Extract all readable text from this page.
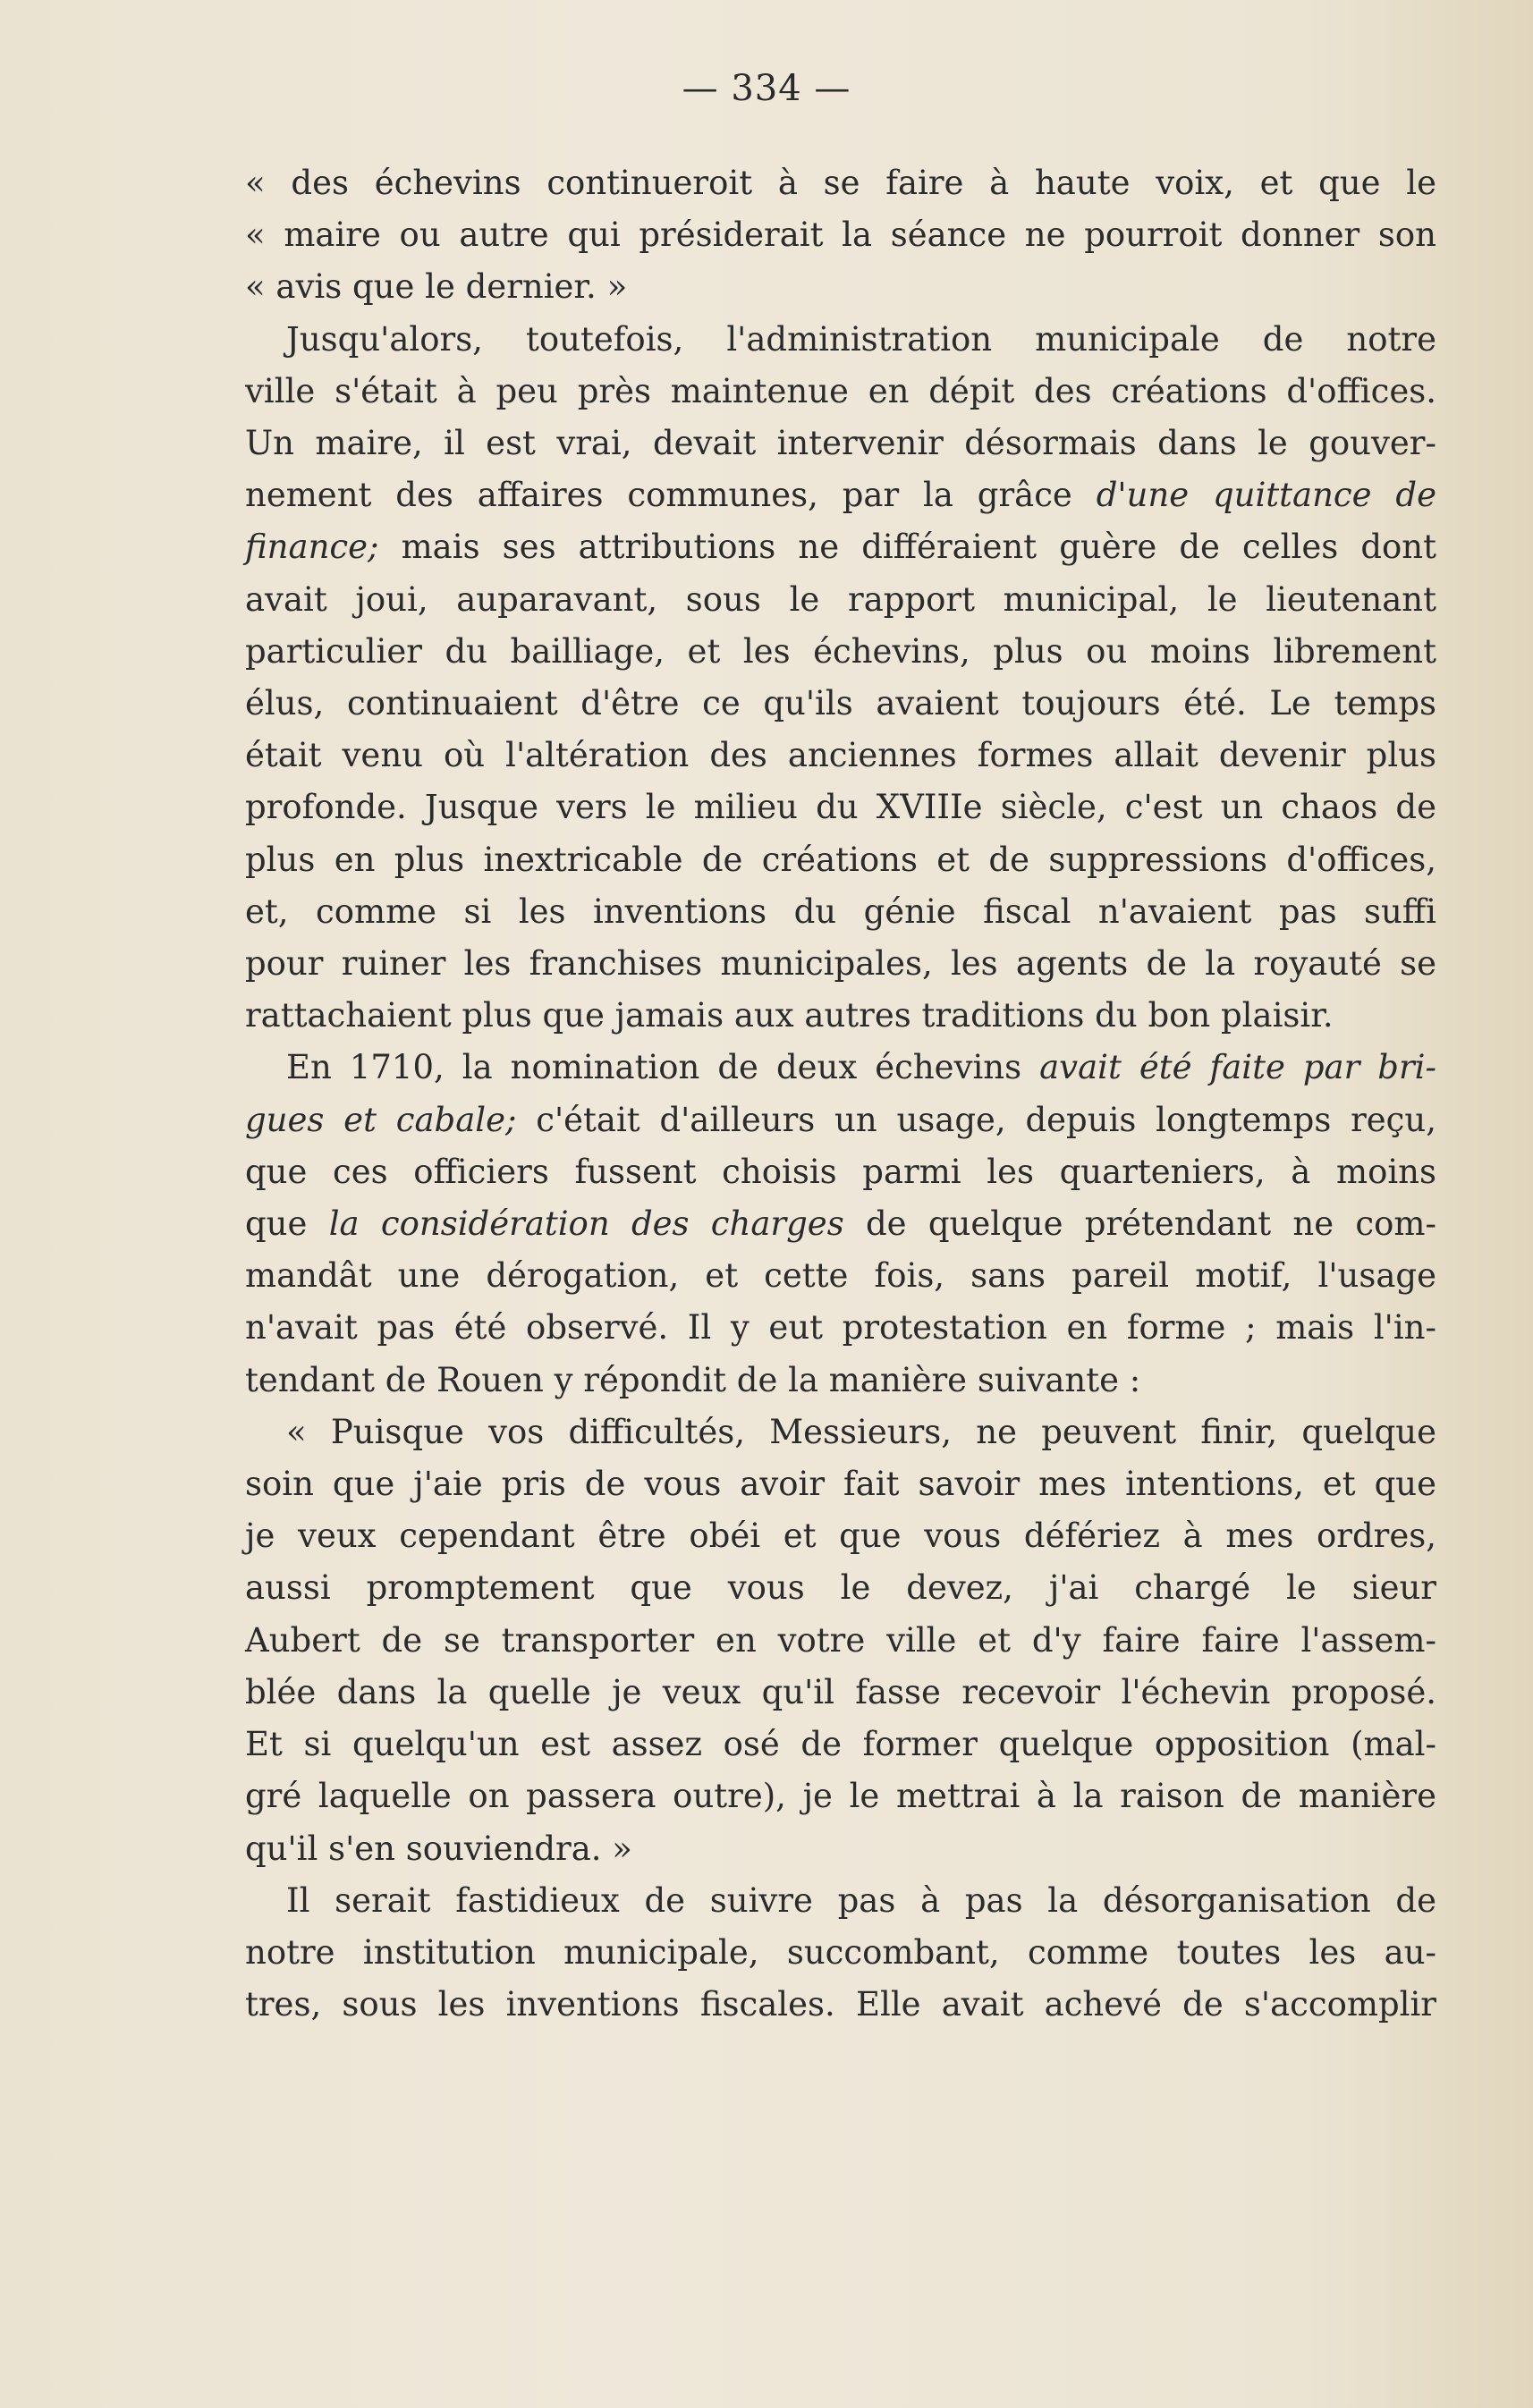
— 334 —
« des échevins continueroit à se faire à haute voix, et que le
« maire ou autre qui présiderait la séance ne pourroit donner son
« avis que le dernier. »
Jusqu'alors, toutefois, l'administration municipale de notre
ville s'était à peu près maintenue en dépit des créations d'offices.
Un maire, il est vrai, devait intervenir désormais dans le gouver-
nement des affaires communes, par la grâce d'une quittance de
finance; mais ses attributions ne différaient guère de celles dont
avait joui, auparavant, sous le rapport municipal, le lieutenant
particulier du bailliage, et les échevins, plus ou moins librement
élus, continuaient d'être ce qu'ils avaient toujours été. Le temps
était venu où l'altération des anciennes formes allait devenir plus
profonde. Jusque vers le milieu du XVIIIe siècle, c'est un chaos de
plus en plus inextricable de créations et de suppressions d'offices,
et, comme si les inventions du génie fiscal n'avaient pas suffi
pour ruiner les franchises municipales, les agents de la royauté se
rattachaient plus que jamais aux autres traditions du bon plaisir.
En 1710, la nomination de deux échevins avait été faite par bri-
gues et cabale; c'était d'ailleurs un usage, depuis longtemps reçu,
que ces officiers fussent choisis parmi les quarteniers, à moins
que la considération des charges de quelque prétendant ne com-
mandât une dérogation, et cette fois, sans pareil motif, l'usage
n'avait pas été observé. Il y eut protestation en forme ; mais l'in-
tendant de Rouen y répondit de la manière suivante :
« Puisque vos difficultés, Messieurs, ne peuvent finir, quelque
soin que j'aie pris de vous avoir fait savoir mes intentions, et que
je veux cependant être obéi et que vous défériez à mes ordres,
aussi promptement que vous le devez, j'ai chargé le sieur
Aubert de se transporter en votre ville et d'y faire faire l'assem-
blée dans la quelle je veux qu'il fasse recevoir l'échevin proposé.
Et si quelqu'un est assez osé de former quelque opposition (mal-
gré laquelle on passera outre), je le mettrai à la raison de manière
qu'il s'en souviendra. »
Il serait fastidieux de suivre pas à pas la désorganisation de
notre institution municipale, succombant, comme toutes les au-
tres, sous les inventions fiscales. Elle avait achevé de s'accomplir
